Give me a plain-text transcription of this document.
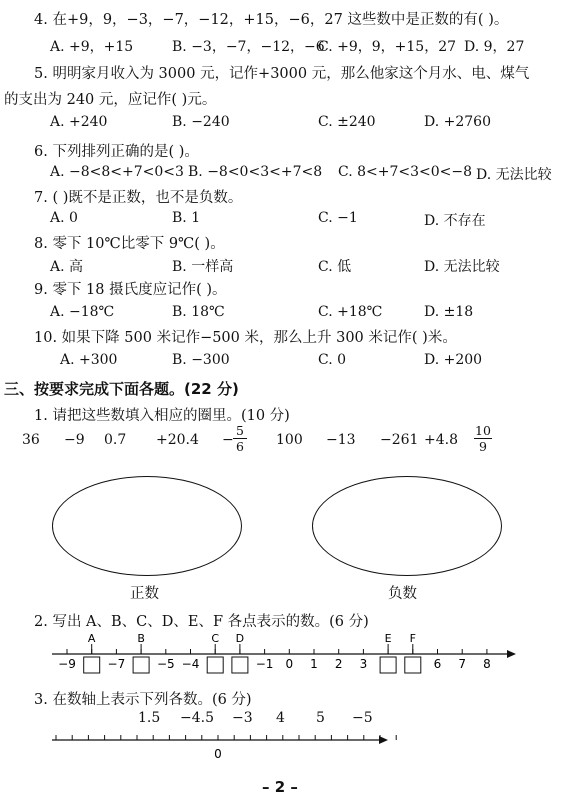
4. 在+9，9，−3，−7，−12，+15，−6，27 这些数中是正数的有( )。
A. +9，+15	B. −3，−7，−12，−6
C. +9，9，+15，27 D. 9，27
5. 明明家月收入为 3000 元，记作+3000 元，那么他家这个月水、电、煤气
的支出为 240 元，应记作( )元。
A. +240	B. −240	C. ±240	D. +2760
6. 下列排列正确的是( )。
A. −8<8<+7<0<3 B. −8<0<3<+7<8 C. 8<+7<3<0<−8 D. 无法比较
7. ( )既不是正数，也不是负数。
A. 0	B. 1	C. −1	D. 不存在
8. 零下 10℃比零下 9℃( )。
A. 高	B. 一样高	C. 低	D. 无法比较
9. 零下 18 摄氏度应记作( )。
A. −18℃	B. 18℃	C. +18℃	D. ±18
10. 如果下降 500 米记作−500 米，那么上升 300 米记作( )米。
A. +300	B. −300	C. 0	D. +200
三、按要求完成下面各题。(22 分)
1. 请把这些数填入相应的圈里。(10 分)
36 −9 0.7 +20.4 −
5
6 100 −13 −261 +4.8
10
9
正数	负数
2. 写出 A、B、C、D、E、F 各点表示的数。(6 分)
−9	−7	−5 −4	−1 0 1 2 3	6 7 8
A	B	C D	E F
3. 在数轴上表示下列各数。(6 分)
1.5 −4.5 −3 4 5 −5
0
– 2 –
